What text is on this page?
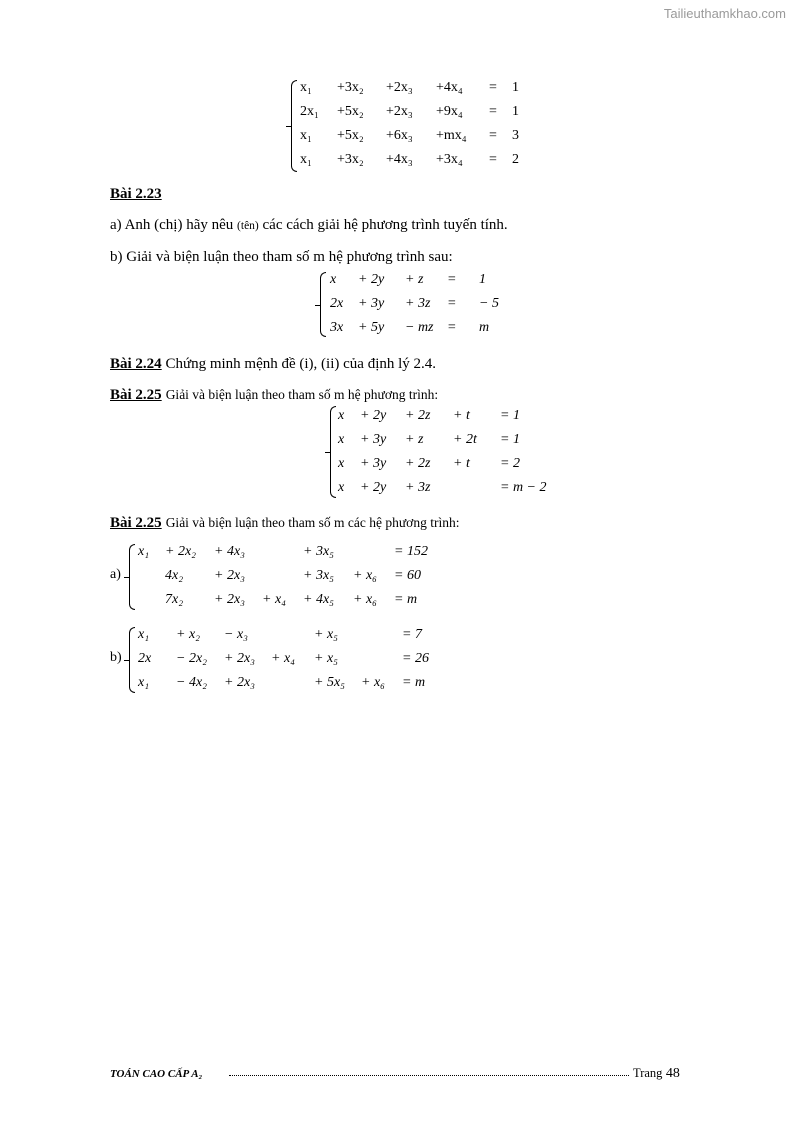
Tailieuthamkhao.com
x₁ +3x₂ +2x₃ +4x₄ = 1
2x₁ +5x₂ +2x₃ +9x₄ = 1
x₁ +5x₂ +6x₃ +mx₄ = 3
x₁ +3x₂ +4x₃ +3x₄ = 2
Bài 2.23
a) Anh (chị) hãy nêu (tên) các cách giải hệ phương trình tuyến tính.
b) Giải và biện luận theo tham số m hệ phương trình sau:
x + 2y + z = 1
2x + 3y + 3z = − 5
3x + 5y − mz = m
Bài 2.24 Chứng minh mệnh đề (i), (ii) của định lý 2.4.
Bài 2.25 Giải và biện luận theo tham số m hệ phương trình:
x + 2y + 2z + t = 1
x + 3y + z + 2t = 1
x + 3y + 2z + t = 2
x + 2y + 3z	= m − 2
Bài 2.25 Giải và biện luận theo tham số m các hệ phương trình:
a)
x₁ + 2x₂ + 4x₃	+ 3x₅	= 152
4x₂ + 2x₃	+ 3x₅ + x₆ = 60
7x₂ + 2x₃ + x₄ + 4x₅ + x₆ = m
b)
x₁ + x₂ − x₃	+ x₅	= 7
2x − 2x₂ + 2x₃ + x₄ + x₅	= 26
x₁ − 4x₂ + 2x₃	+ 5x₅ + x₆ = m
TOÁN CAO CẤP A₂	Trang 48
